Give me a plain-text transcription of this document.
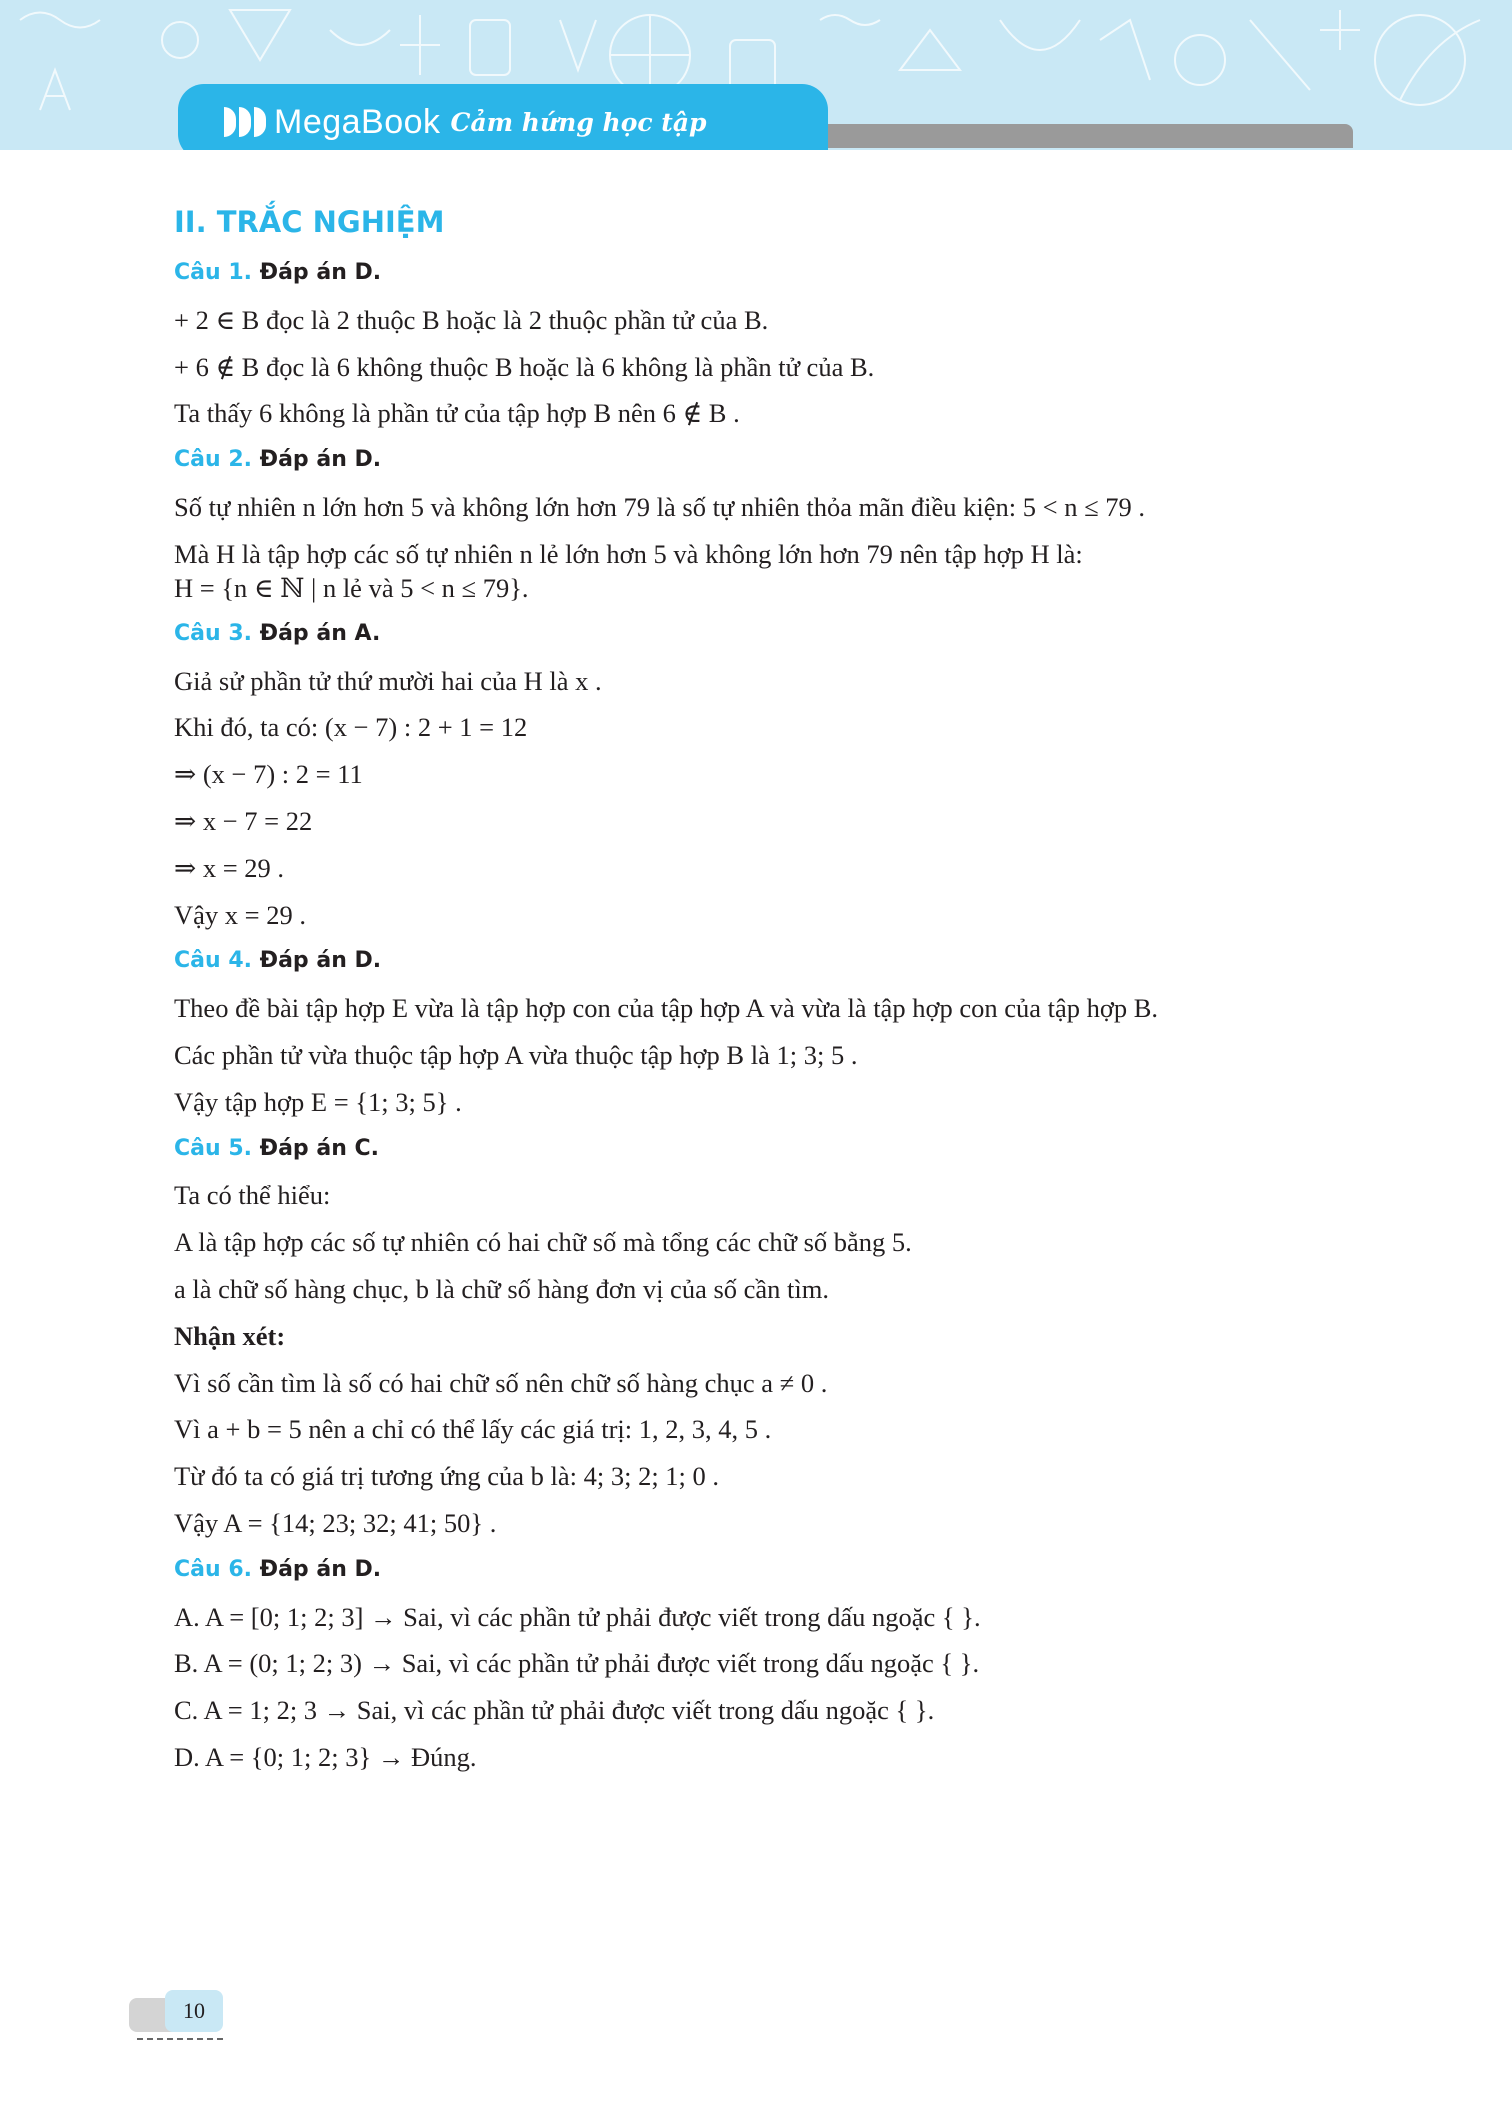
MegaBook Cảm hứng học tập
II. TRẮC NGHIỆM
Câu 1. Đáp án D.

+ 2 ∈ B đọc là 2 thuộc B hoặc là 2 thuộc phần tử của B.

+ 6 ∉ B đọc là 6 không thuộc B hoặc là 6 không là phần tử của B.

Ta thấy 6 không là phần tử của tập hợp B nên 6 ∉ B .

Câu 2. Đáp án D.

Số tự nhiên n lớn hơn 5 và không lớn hơn 79 là số tự nhiên thỏa mãn điều kiện: 5 < n ≤ 79 .

Mà H là tập hợp các số tự nhiên n lẻ lớn hơn 5 và không lớn hơn 79 nên tập hợp H là:

H = {n ∈ ℕ | n lẻ và 5 < n ≤ 79}.

Câu 3. Đáp án A.

Giả sử phần tử thứ mười hai của H là x .

Khi đó, ta có: (x − 7) : 2 + 1 = 12

⇒ (x − 7) : 2 = 11

⇒ x − 7 = 22

⇒ x = 29 .

Vậy x = 29 .

Câu 4. Đáp án D.

Theo đề bài tập hợp E vừa là tập hợp con của tập hợp A và vừa là tập hợp con của tập hợp B.

Các phần tử vừa thuộc tập hợp A vừa thuộc tập hợp B là 1; 3; 5 .

Vậy tập hợp E = {1; 3; 5} .

Câu 5. Đáp án C.

Ta có thể hiểu:

A là tập hợp các số tự nhiên có hai chữ số mà tổng các chữ số bằng 5.

a là chữ số hàng chục, b là chữ số hàng đơn vị của số cần tìm.

Nhận xét:

Vì số cần tìm là số có hai chữ số nên chữ số hàng chục a ≠ 0 .

Vì a + b = 5 nên a chỉ có thể lấy các giá trị: 1, 2, 3, 4, 5 .

Từ đó ta có giá trị tương ứng của b là: 4; 3; 2; 1; 0 .

Vậy A = {14; 23; 32; 41; 50} .

Câu 6. Đáp án D.

A. A = [0; 1; 2; 3] → Sai, vì các phần tử phải được viết trong dấu ngoặc { }.

B. A = (0; 1; 2; 3) → Sai, vì các phần tử phải được viết trong dấu ngoặc { }.

C. A = 1; 2; 3 → Sai, vì các phần tử phải được viết trong dấu ngoặc { }.

D. A = {0; 1; 2; 3} → Đúng.

10
